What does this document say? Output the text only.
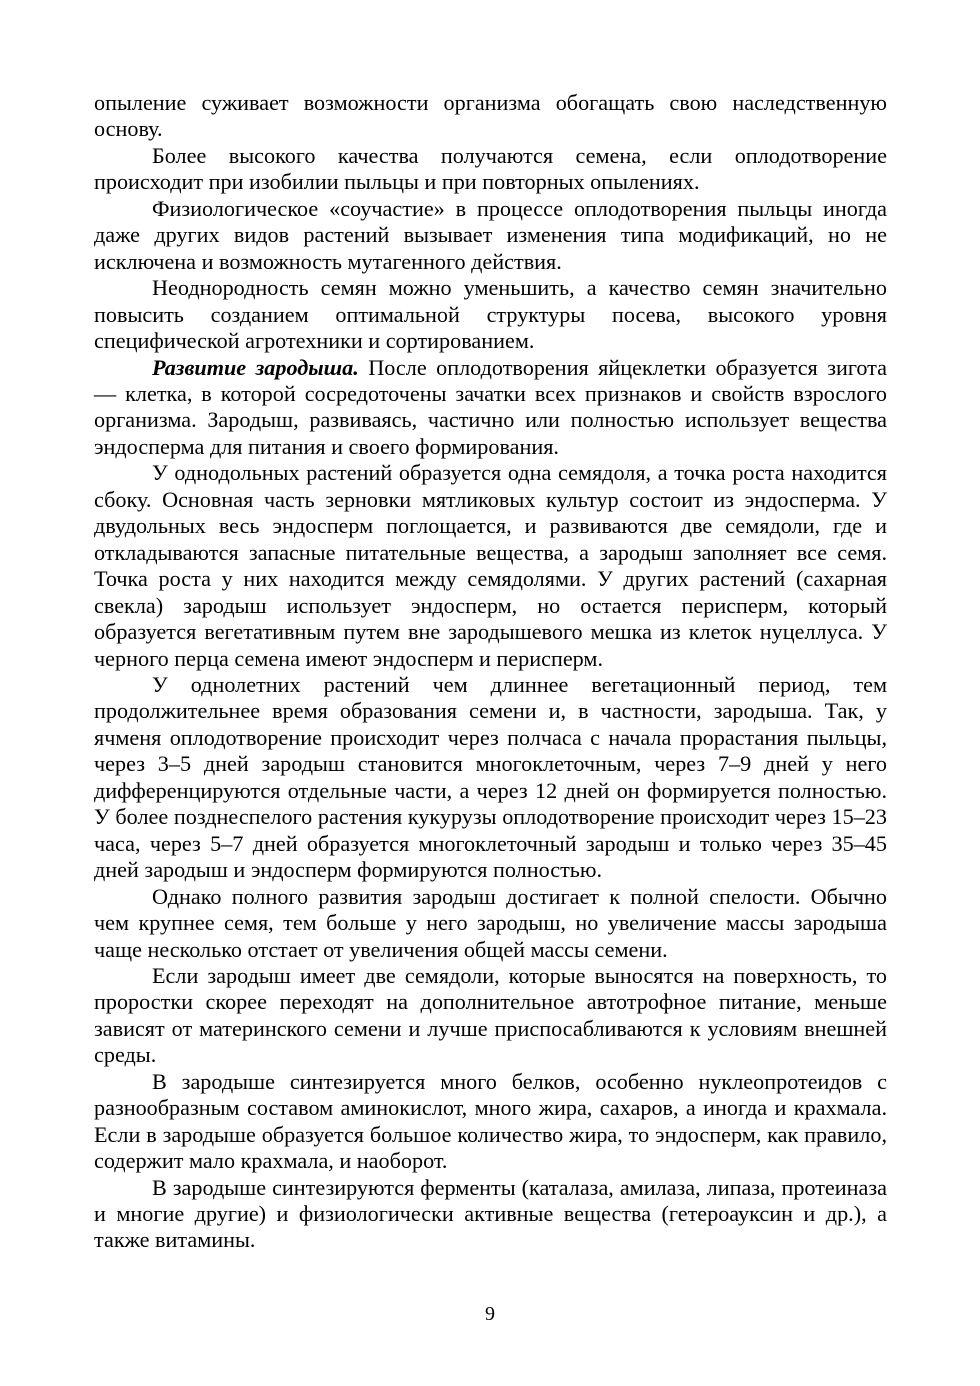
опыление суживает возможности организма обогащать свою наследственную основу.

Более высокого качества получаются семена, если оплодотворение происходит при изобилии пыльцы и при повторных опылениях.

Физиологическое «соучастие» в процессе оплодотворения пыльцы иногда даже других видов растений вызывает изменения типа модификаций, но не исключена и возможность мутагенного действия.

Неоднородность семян можно уменьшить, а качество семян значительно повысить созданием оптимальной структуры посева, высокого уровня специфической агротехники и сортированием.

Развитие зародыша. После оплодотворения яйцеклетки образуется зигота — клетка, в которой сосредоточены зачатки всех признаков и свойств взрослого организма. Зародыш, развиваясь, частично или полностью использует вещества эндосперма для питания и своего формирования.

У однодольных растений образуется одна семядоля, а точка роста находится сбоку. Основная часть зерновки мятликовых культур состоит из эндосперма. У двудольных весь эндосперм поглощается, и развиваются две семядоли, где и откладываются запасные питательные вещества, а зародыш заполняет все семя. Точка роста у них находится между семядолями. У других растений (сахарная свекла) зародыш использует эндосперм, но остается перисперм, который образуется вегетативным путем вне зародышевого мешка из клеток нуцеллуса. У черного перца семена имеют эндосперм и перисперм.

У однолетних растений чем длиннее вегетационный период, тем продолжительнее время образования семени и, в частности, зародыша. Так, у ячменя оплодотворение происходит через полчаса с начала прорастания пыльцы, через 3–5 дней зародыш становится многоклеточным, через 7–9 дней у него дифференцируются отдельные части, а через 12 дней он формируется полностью. У более позднеспелого растения кукурузы оплодотворение происходит через 15–23 часа, через 5–7 дней образуется многоклеточный зародыш и только через 35–45 дней зародыш и эндосперм формируются полностью.

Однако полного развития зародыш достигает к полной спелости. Обычно чем крупнее семя, тем больше у него зародыш, но увеличение массы зародыша чаще несколько отстает от увеличения общей массы семени.

Если зародыш имеет две семядоли, которые выносятся на поверхность, то проростки скорее переходят на дополнительное автотрофное питание, меньше зависят от материнского семени и лучше приспосабливаются к условиям внешней среды.

В зародыше синтезируется много белков, особенно нуклеопротеидов с разнообразным составом аминокислот, много жира, сахаров, а иногда и крахмала. Если в зародыше образуется большое количество жира, то эндосперм, как правило, содержит мало крахмала, и наоборот.

В зародыше синтезируются ферменты (каталаза, амилаза, липаза, протеиназа и многие другие) и физиологически активные вещества (гетероауксин и др.), а также витамины.

9
